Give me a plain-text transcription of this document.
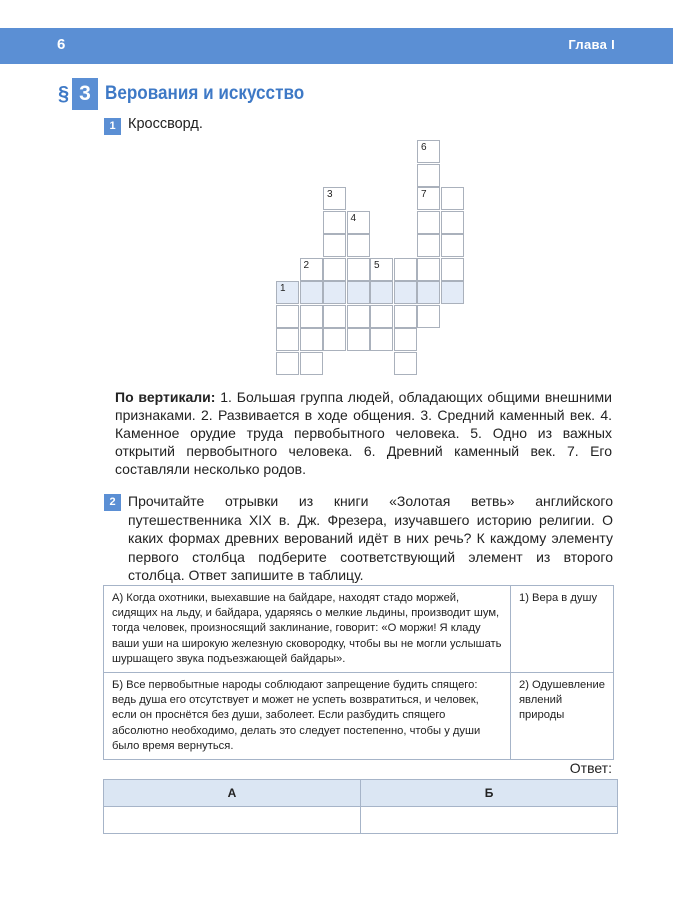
6	Глава I
§ 3 Верования и искусство
1 Кроссворд.
1
2
3
4
5
6
7
По вертикали: 1. Большая группа людей, обладающих общими внешними признаками. 2. Развивается в ходе общения. 3. Средний каменный век. 4. Каменное орудие труда первобытного человека. 5. Одно из важных открытий первобытного человека. 6. Древний каменный век. 7. Его составляли несколько родов.
2 Прочитайте отрывки из книги «Золотая ветвь» английского путешественника XIX в. Дж. Фрезера, изучавшего историю религии. О каких формах древних верований идёт в них речь? К каждому элементу первого столбца подберите соответствующий элемент из второго столбца. Ответ запишите в таблицу.
А) Когда охотники, выехавшие на байдаре, находят стадо моржей, сидящих на льду, и байдара, ударяясь о мелкие льдины, производит шум, тогда человек, произносящий заклинание, говорит: «О моржи! Я кладу ваши уши на широкую железную сковородку, чтобы вы не могли услышать шуршащего звука подъезжающей байдары».	1) Вера в душу
Б) Все первобытные народы соблюдают запрещение будить спящего: ведь душа его отсутствует и может не успеть возвратиться, и человек, если он проснётся без души, заболеет. Если разбудить спящего абсолютно необходимо, делать это следует постепенно, чтобы у души было время вернуться.	2) Одушевление явлений природы
Ответ:
А	Б
